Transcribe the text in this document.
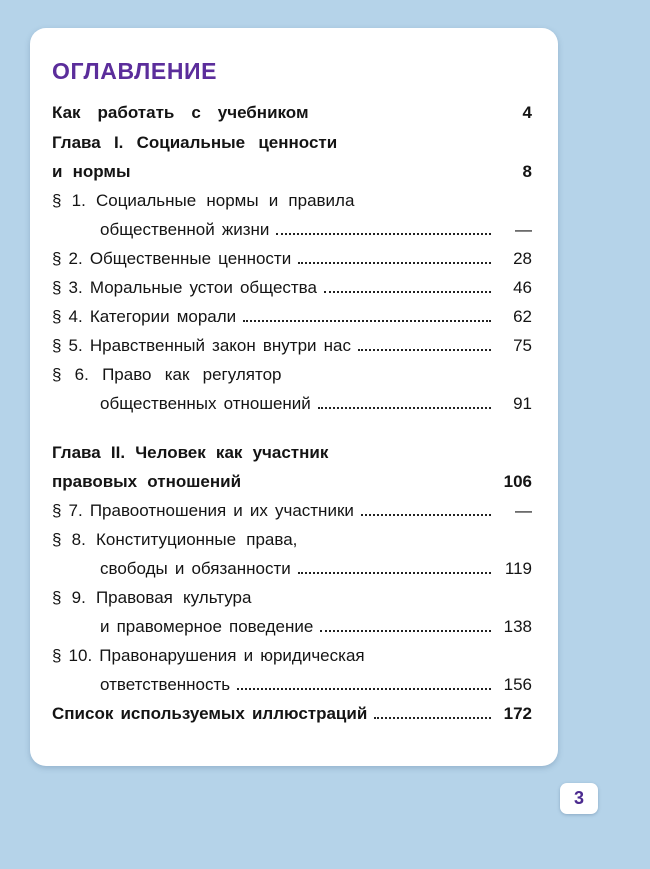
ОГЛАВЛЕНИЕ
Как работать с учебником	4
Глава I. Социальные ценности
и нормы	8
§ 1. Социальные нормы и правила
общественной жизни	—
§ 2. Общественные ценности	28
§ 3. Моральные устои общества	46
§ 4. Категории морали	62
§ 5. Нравственный закон внутри нас	75
§ 6. Право как регулятор
общественных отношений	91
Глава II. Человек как участник
правовых отношений	106
§ 7. Правоотношения и их участники	—
§ 8. Конституционные права,
свободы и обязанности	119
§ 9. Правовая культура
и правомерное поведение	138
§ 10. Правонарушения и юридическая
ответственность	156
Список используемых иллюстраций	172
3
